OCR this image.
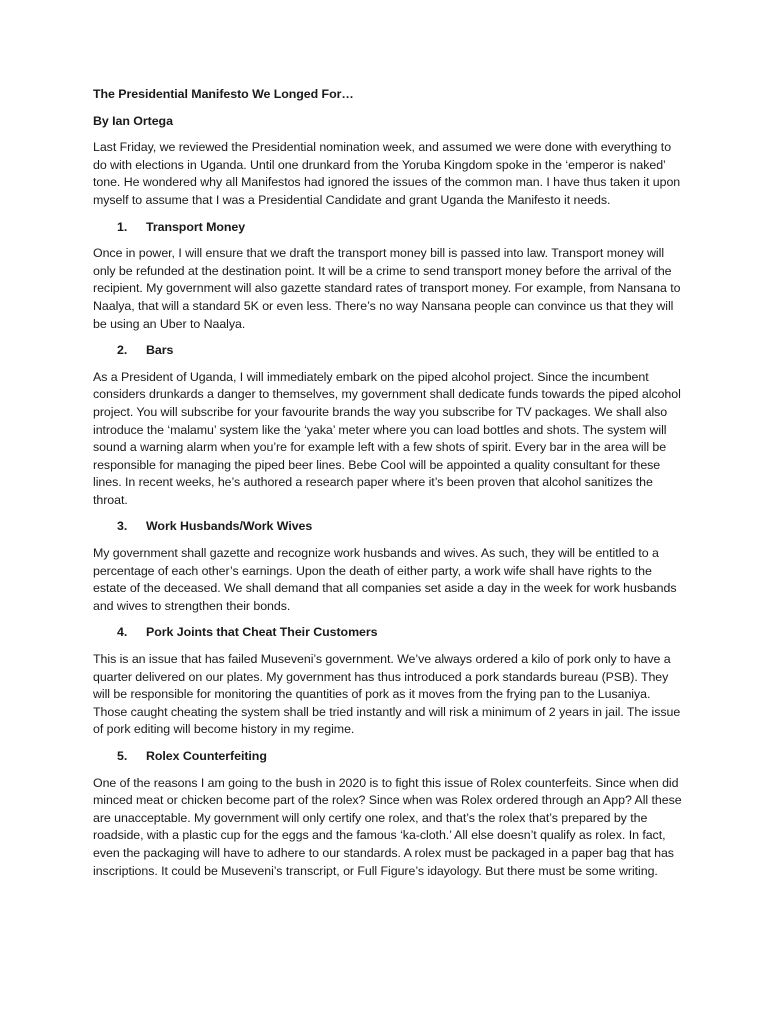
The Presidential Manifesto We Longed For…
By Ian Ortega

Last Friday, we reviewed the Presidential nomination week, and assumed we were done with everything to do with elections in Uganda. Until one drunkard from the Yoruba Kingdom spoke in the ‘emperor is naked’ tone. He wondered why all Manifestos had ignored the issues of the common man. I have thus taken it upon myself to assume that I was a Presidential Candidate and grant Uganda the Manifesto it needs.

1.	Transport Money

Once in power, I will ensure that we draft the transport money bill is passed into law. Transport money will only be refunded at the destination point. It will be a crime to send transport money before the arrival of the recipient. My government will also gazette standard rates of transport money. For example, from Nansana to Naalya, that will a standard 5K or even less. There’s no way Nansana people can convince us that they will be using an Uber to Naalya.

2.	Bars

As a President of Uganda, I will immediately embark on the piped alcohol project. Since the incumbent considers drunkards a danger to themselves, my government shall dedicate funds towards the piped alcohol project. You will subscribe for your favourite brands the way you subscribe for TV packages. We shall also introduce the ‘malamu’ system like the ‘yaka’ meter where you can load bottles and shots. The system will sound a warning alarm when you’re for example left with a few shots of spirit. Every bar in the area will be responsible for managing the piped beer lines. Bebe Cool will be appointed a quality consultant for these lines. In recent weeks, he’s authored a research paper where it’s been proven that alcohol sanitizes the throat.

3.	Work Husbands/Work Wives

My government shall gazette and recognize work husbands and wives. As such, they will be entitled to a percentage of each other’s earnings. Upon the death of either party, a work wife shall have rights to the estate of the deceased. We shall demand that all companies set aside a day in the week for work husbands and wives to strengthen their bonds.

4.	Pork Joints that Cheat Their Customers

This is an issue that has failed Museveni’s government. We’ve always ordered a kilo of pork only to have a quarter delivered on our plates. My government has thus introduced a pork standards bureau (PSB). They will be responsible for monitoring the quantities of pork as it moves from the frying pan to the Lusaniya. Those caught cheating the system shall be tried instantly and will risk a minimum of 2 years in jail. The issue of pork editing will become history in my regime.

5.	Rolex Counterfeiting

One of the reasons I am going to the bush in 2020 is to fight this issue of Rolex counterfeits. Since when did minced meat or chicken become part of the rolex? Since when was Rolex ordered through an App? All these are unacceptable. My government will only certify one rolex, and that’s the rolex that’s prepared by the roadside, with a plastic cup for the eggs and the famous ‘ka-cloth.’ All else doesn’t qualify as rolex. In fact, even the packaging will have to adhere to our standards. A rolex must be packaged in a paper bag that has inscriptions. It could be Museveni’s transcript, or Full Figure’s idayology. But there must be some writing.
